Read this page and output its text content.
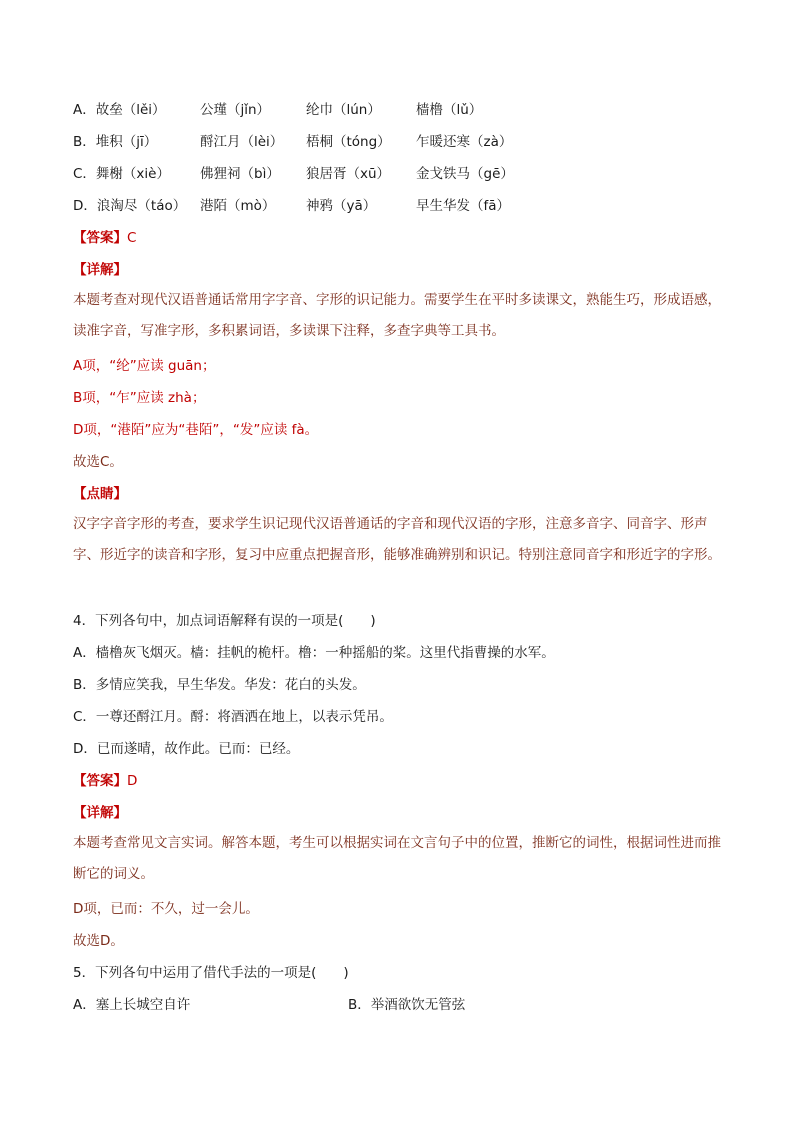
A．故垒（lěi）	公瑾（jǐn）	纶巾（lún）	樯橹（lǔ）
B．堆积（jī）	酹江月（lèi） 梧桐（tóng） 乍暖还寒（zà）
C．舞榭（xiè） 佛狸祠（bì） 狼居胥（xū） 金戈铁马（gē）
D．浪淘尽（táo） 港陌（mò） 神鸦（yā）	早生华发（fā）
【答案】C
【详解】
本题考查对现代汉语普通话常用字字音、字形的识记能力。需要学生在平时多读课文，熟能生巧，形成语感，读准字音，写准字形，多积累词语，多读课下注释，多查字典等工具书。
A项，“纶”应读 guān；
B项，“乍”应读 zhà；
D项，“港陌”应为“巷陌”，“发”应读 fà。
故选C。
【点睛】
汉字字音字形的考查，要求学生识记现代汉语普通话的字音和现代汉语的字形，注意多音字、同音字、形声字、形近字的读音和字形，复习中应重点把握音形，能够准确辨别和识记。特别注意同音字和形近字的字形。
4．下列各句中，加点词语解释有误的一项是(　　)
A．樯橹灰飞烟灭。樯：挂帆的桅杆。橹：一种摇船的桨。这里代指曹操的水军。
B．多情应笑我，早生华发。华发：花白的头发。
C．一尊还酹江月。酹：将酒洒在地上，以表示凭吊。
D．已而遂晴，故作此。已而：已经。
【答案】D
【详解】
本题考查常见文言实词。解答本题，考生可以根据实词在文言句子中的位置，推断它的词性，根据词性进而推断它的词义。
D项，已而：不久，过一会儿。
故选D。
5．下列各句中运用了借代手法的一项是(　　)
A．塞上长城空自许	B．举酒欲饮无管弦
